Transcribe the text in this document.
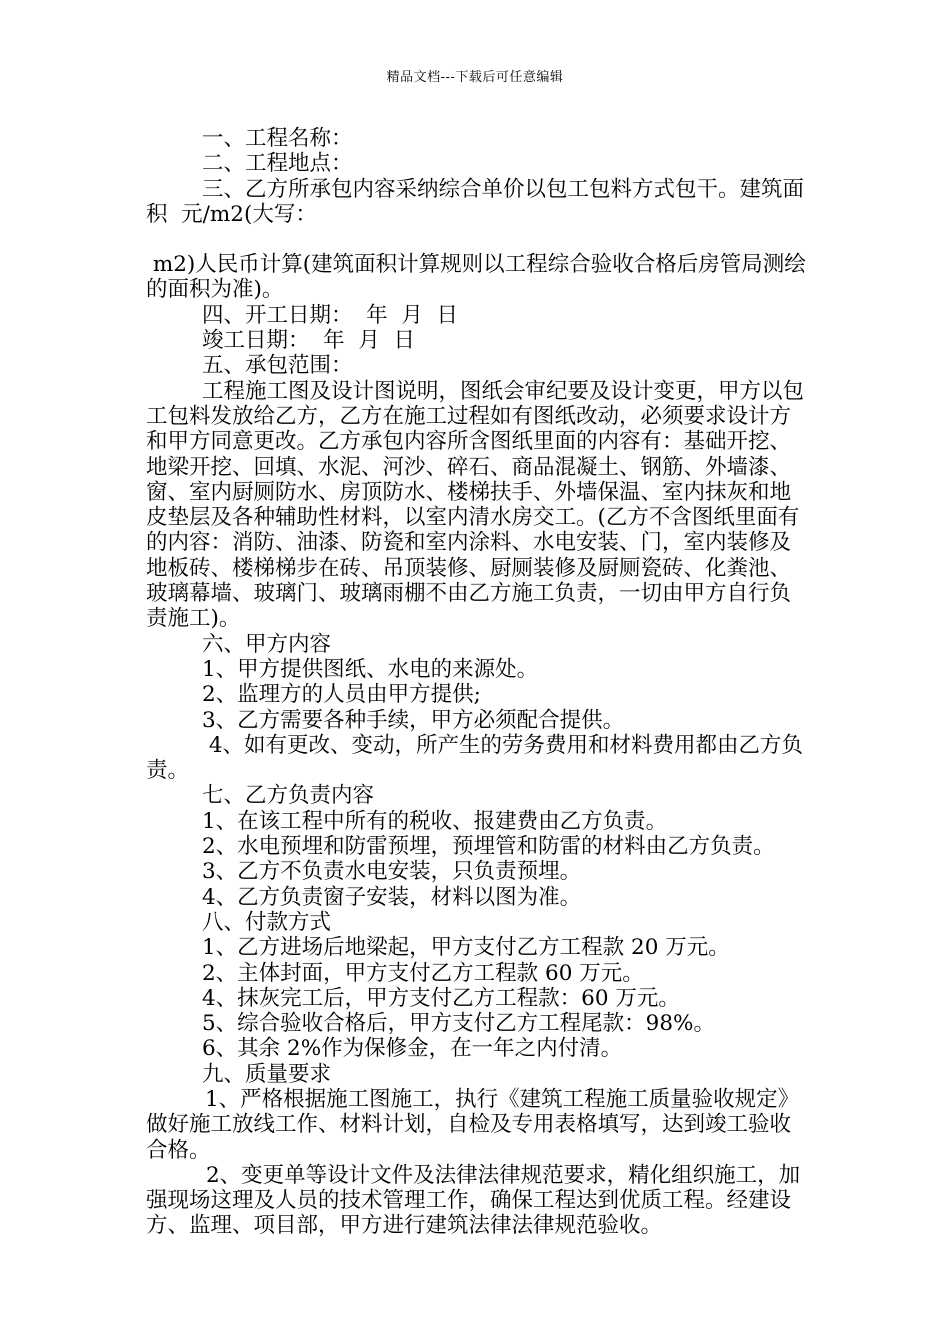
精品文档---下载后可任意编辑

一、工程名称：

二、工程地点：

三、乙方所承包内容采纳综合单价以包工包料方式包干。建筑面积  元/m2(大写：

m2)人民币计算(建筑面积计算规则以工程综合验收合格后房管局测绘的面积为准)。

四、开工日期：  年  月  日

竣工日期：  年  月  日

五、承包范围：

工程施工图及设计图说明，图纸会审纪要及设计变更，甲方以包工包料发放给乙方，乙方在施工过程如有图纸改动，必须要求设计方和甲方同意更改。乙方承包内容所含图纸里面的内容有：基础开挖、地梁开挖、回填、水泥、河沙、碎石、商品混凝土、钢筋、外墙漆、窗、室内厨厕防水、房顶防水、楼梯扶手、外墙保温、室内抹灰和地皮垫层及各种辅助性材料，以室内清水房交工。(乙方不含图纸里面有的内容：消防、油漆、防瓷和室内涂料、水电安装、门，室内装修及地板砖、楼梯梯步在砖、吊顶装修、厨厕装修及厨厕瓷砖、化粪池、玻璃幕墙、玻璃门、玻璃雨棚不由乙方施工负责，一切由甲方自行负责施工)。

六、甲方内容

1、甲方提供图纸、水电的来源处。

2、监理方的人员由甲方提供;

3、乙方需要各种手续，甲方必须配合提供。

4、如有更改、变动，所产生的劳务费用和材料费用都由乙方负责。

七、乙方负责内容

1、在该工程中所有的税收、报建费由乙方负责。

2、水电预埋和防雷预埋，预埋管和防雷的材料由乙方负责。

3、乙方不负责水电安装，只负责预埋。

4、乙方负责窗子安装，材料以图为准。

八、付款方式

1、乙方进场后地梁起，甲方支付乙方工程款 20 万元。

2、主体封面，甲方支付乙方工程款 60 万元。

4、抹灰完工后，甲方支付乙方工程款：60 万元。

5、综合验收合格后，甲方支付乙方工程尾款：98%。

6、其余 2%作为保修金，在一年之内付清。

九、质量要求

1、严格根据施工图施工，执行《建筑工程施工质量验收规定》做好施工放线工作、材料计划，自检及专用表格填写，达到竣工验收合格。

2、变更单等设计文件及法律法律规范要求，精化组织施工，加强现场这理及人员的技术管理工作，确保工程达到优质工程。经建设方、监理、项目部，甲方进行建筑法律法律规范验收。
